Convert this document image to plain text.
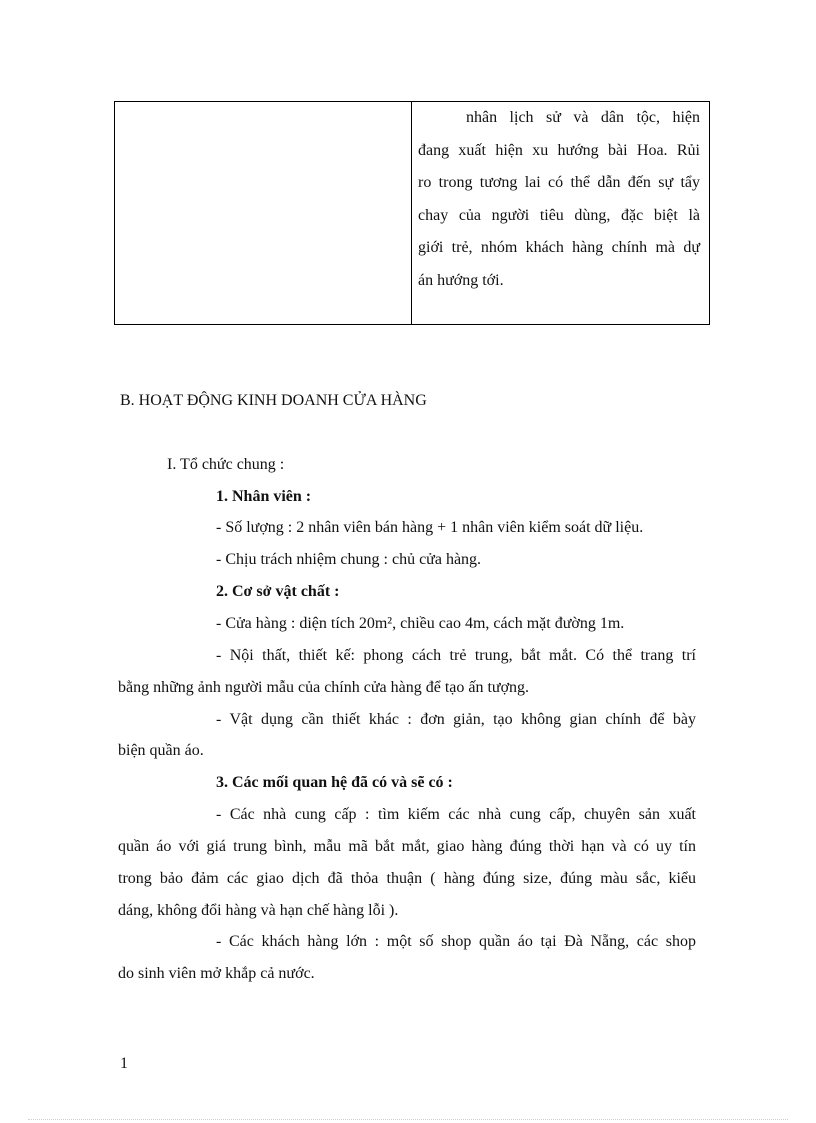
nhân lịch sử và dân tộc, hiện
đang xuất hiện xu hướng bài Hoa. Rủi
ro trong tương lai có thể dẫn đến sự tẩy
chay của người tiêu dùng, đặc biệt là
giới trẻ, nhóm khách hàng chính mà dự
án hướng tới.
B. HOẠT ĐỘNG KINH DOANH CỬA HÀNG
I. Tổ chức chung :
1. Nhân viên :
- Số lượng : 2 nhân viên bán hàng + 1 nhân viên kiểm soát dữ liệu.
- Chịu trách nhiệm chung : chủ cửa hàng.
2. Cơ sở vật chất :
- Cửa hàng : diện tích 20m², chiều cao 4m, cách mặt đường 1m.
- Nội thất, thiết kế: phong cách trẻ trung, bắt mắt. Có thể trang trí
bằng những ảnh người mẫu của chính cửa hàng để tạo ấn tượng.
- Vật dụng cần thiết khác : đơn giản, tạo không gian chính để bày
biện quần áo.
3. Các mối quan hệ đã có và sẽ có :
- Các nhà cung cấp : tìm kiếm các nhà cung cấp, chuyên sản xuất
quần áo với giá trung bình, mẫu mã bắt mắt, giao hàng đúng thời hạn và có uy tín
trong bảo đảm các giao dịch đã thỏa thuận ( hàng đúng size, đúng màu sắc, kiểu
dáng, không đổi hàng và hạn chế hàng lỗi ).
- Các khách hàng lớn : một số shop quần áo tại Đà Nẵng, các shop
do sinh viên mở khắp cả nước.
1
